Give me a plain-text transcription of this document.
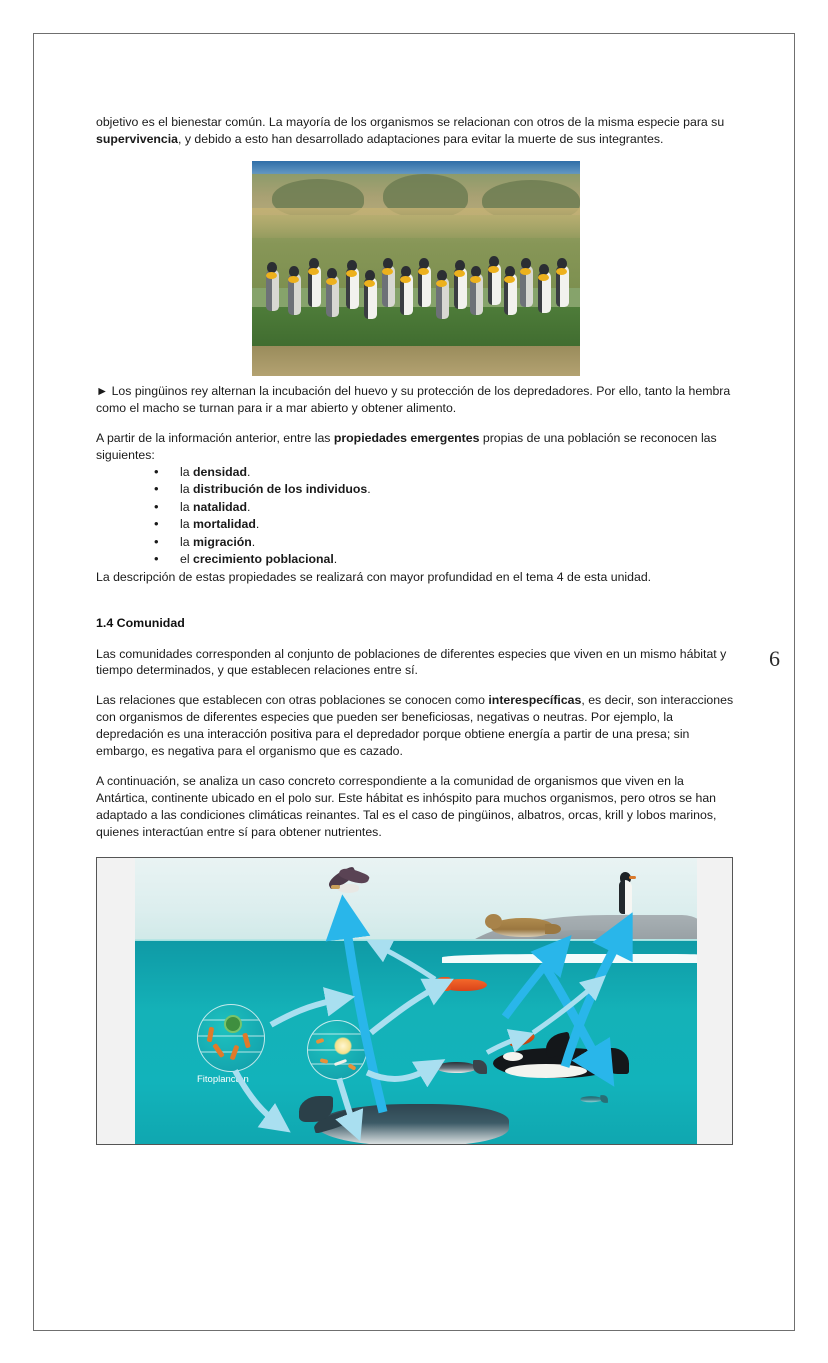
6

objetivo es el bienestar común. La mayoría de los organismos se relacionan con otros de la misma especie para su supervivencia, y debido a esto han desarrollado adaptaciones para evitar la muerte de sus integrantes.

► Los pingüinos rey alternan la incubación del huevo y su protección de los depredadores. Por ello, tanto la hembra como el macho se turnan para ir a mar abierto y obtener alimento.

A partir de la información anterior, entre las propiedades emergentes propias de una población se reconocen las siguientes:

• la densidad.
• la distribución de los individuos.
• la natalidad.
• la mortalidad.
• la migración.
• el crecimiento poblacional.

La descripción de estas propiedades se realizará con mayor profundidad en el tema 4 de esta unidad.

1.4 Comunidad

Las comunidades corresponden al conjunto de poblaciones de diferentes especies que viven en un mismo hábitat y tiempo determinados, y que establecen relaciones entre sí.

Las relaciones que establecen con otras poblaciones se conocen como interespecíficas, es decir, son interacciones con organismos de diferentes especies que pueden ser beneficiosas, negativas o neutras. Por ejemplo, la depredación es una interacción positiva para el depredador porque obtiene energía a partir de una presa; sin embargo, es negativa para el organismo que es cazado.

A continuación, se analiza un caso concreto correspondiente a la comunidad de organismos que viven en la Antártica, continente ubicado en el polo sur. Este hábitat es inhóspito para muchos organismos, pero otros se han adaptado a las condiciones climáticas reinantes. Tal es el caso de pingüinos, albatros, orcas, krill y lobos marinos, quienes interactúan entre sí para obtener nutrientes.

Fitoplancton
